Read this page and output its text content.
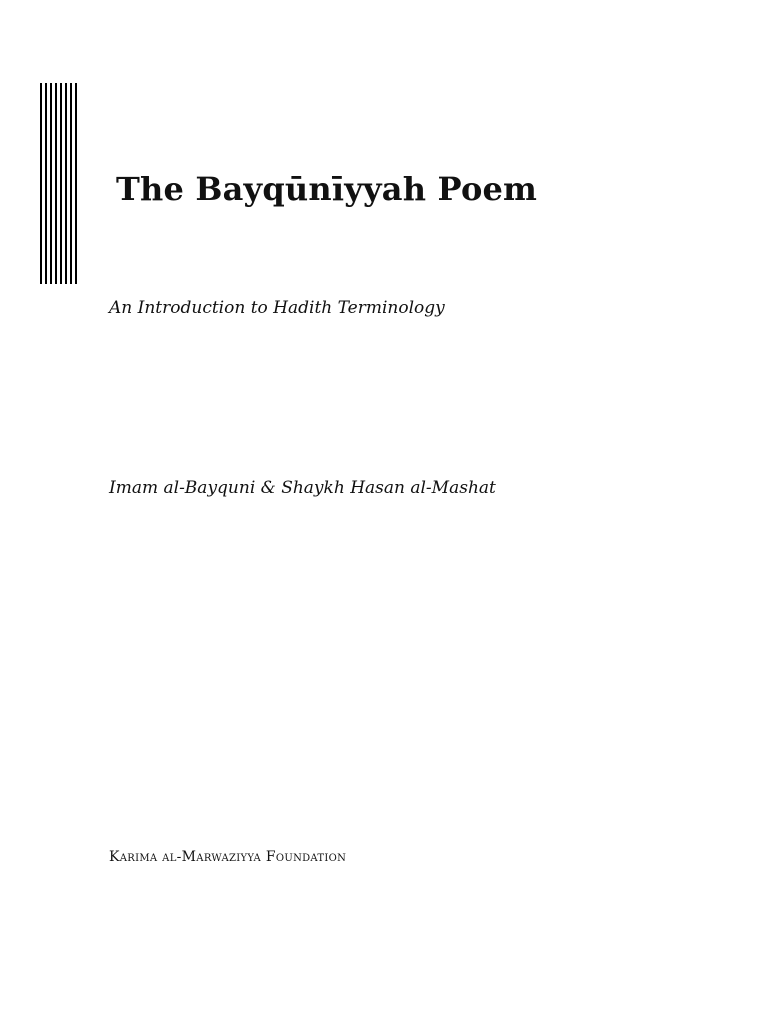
The Bayqūnīyyah Poem

An Introduction to Hadith Terminology

Imam al-Bayquni & Shaykh Hasan al-Mashat

Karima al-Marwaziyya Foundation
